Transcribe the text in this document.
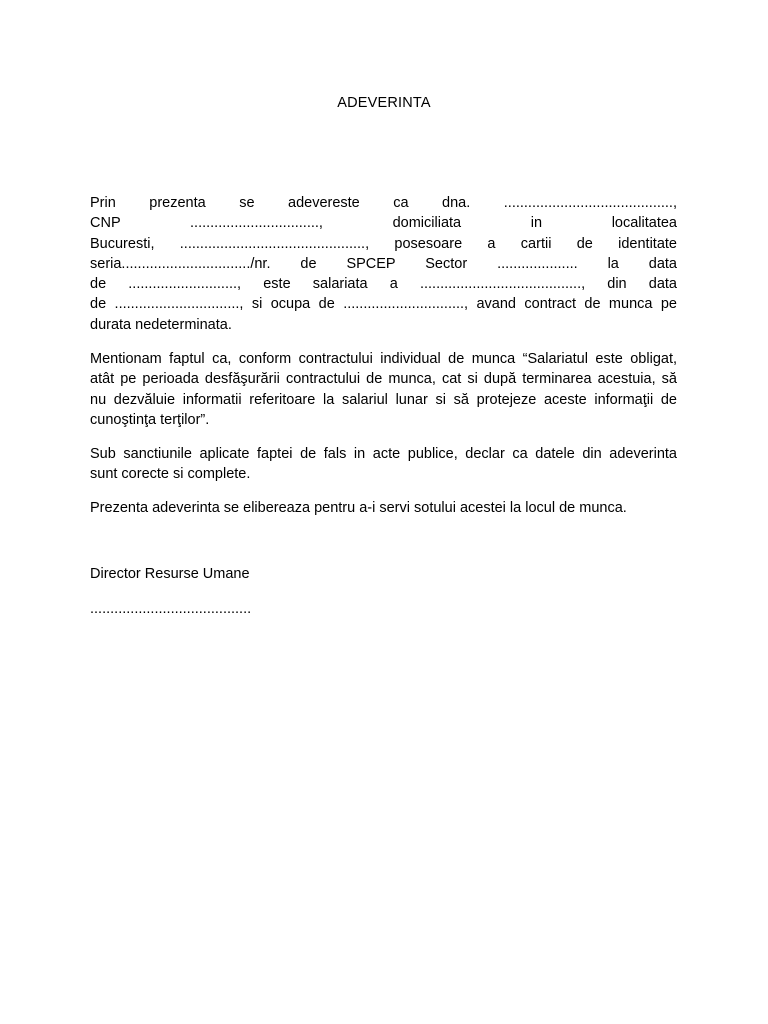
ADEVERINTA
Prin prezenta se adevereste ca dna. ..........................................,
CNP ................................, domiciliata in localitatea
Bucuresti, .............................................., posesoare a cartii de identitate
seria................................/nr. de SPCEP Sector .................... la data
de ..........................., este salariata a ........................................, din data
de ..............................., si ocupa de .............................., avand contract de munca pe
durata nedeterminata.
Mentionam faptul ca, conform contractului individual de munca “Salariatul este obligat,
atât pe perioada desfăşurării contractului de munca, cat si după terminarea acestuia, să
nu dezvăluie informatii referitoare la salariul lunar si să protejeze aceste informaţii de
cunoştinţa terţilor”.
Sub sanctiunile aplicate faptei de fals in acte publice, declar ca datele din adeverinta
sunt corecte si complete.
Prezenta adeverinta se elibereaza pentru a-i servi sotului acestei la locul de munca.
Director Resurse Umane
........................................
